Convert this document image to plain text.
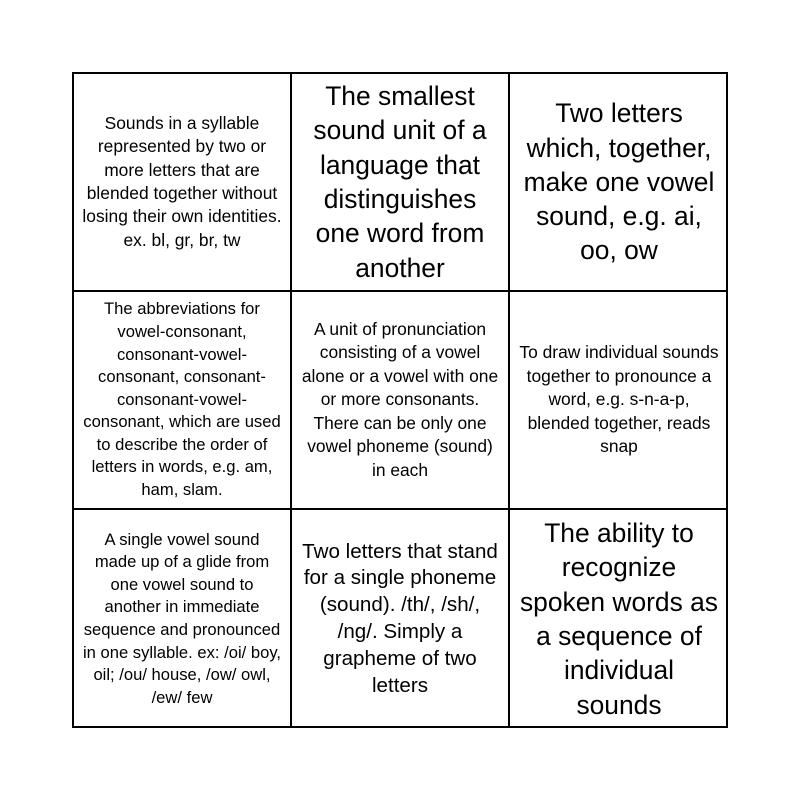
Sounds in a syllable represented by two or more letters that are blended together without losing their own identities. ex. bl, gr, br, tw
The smallest sound unit of a language that distinguishes one word from another
Two letters which, together, make one vowel sound, e.g. ai, oo, ow
The abbreviations for vowel-consonant, consonant-vowel-consonant, consonant-consonant-vowel-consonant, which are used to describe the order of letters in words, e.g. am, ham, slam.
A unit of pronunciation consisting of a vowel alone or a vowel with one or more consonants. There can be only one vowel phoneme (sound) in each
To draw individual sounds together to pronounce a word, e.g. s-n-a-p, blended together, reads snap
A single vowel sound made up of a glide from one vowel sound to another in immediate sequence and pronounced in one syllable. ex: /oi/ boy, oil; /ou/ house, /ow/ owl, /ew/ few
Two letters that stand for a single phoneme (sound). /th/, /sh/, /ng/. Simply a grapheme of two letters
The ability to recognize spoken words as a sequence of individual sounds
